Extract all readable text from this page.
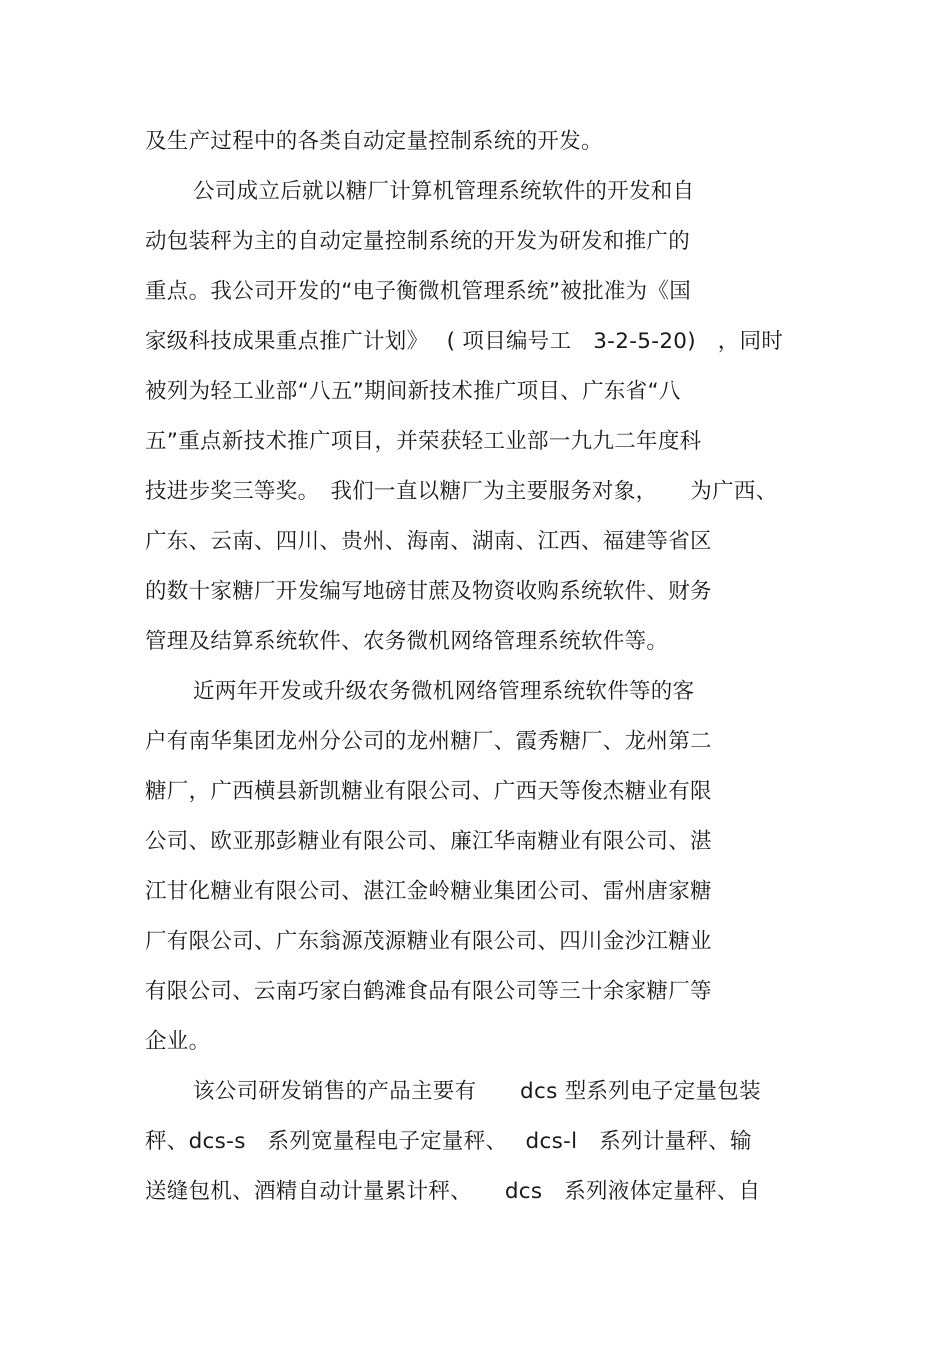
及生产过程中的各类自动定量控制系统的开发。
公司成立后就以糖厂计算机管理系统软件的开发和自
动包装秤为主的自动定量控制系统的开发为研发和推广的
重点。我公司开发的“电子衡微机管理系统”被批准为《国
家级科技成果重点推广计划》　 ( 项目编号工　3-2-5-20)　，同时
被列为轻工业部“八五”期间新技术推广项目、广东省“八
五”重点新技术推广项目，并荣获轻工业部一九九二年度科
技进步奖三等奖。　我们一直以糖厂为主要服务对象，　　为广西、
广东、云南、四川、贵州、海南、湖南、江西、福建等省区
的数十家糖厂开发编写地磅甘蔗及物资收购系统软件、财务
管理及结算系统软件、农务微机网络管理系统软件等。
近两年开发或升级农务微机网络管理系统软件等的客
户有南华集团龙州分公司的龙州糖厂、霞秀糖厂、龙州第二
糖厂，广西横县新凯糖业有限公司、广西天等俊杰糖业有限
公司、欧亚那彭糖业有限公司、廉江华南糖业有限公司、湛
江甘化糖业有限公司、湛江金岭糖业集团公司、雷州唐家糖
厂有限公司、广东翁源茂源糖业有限公司、四川金沙江糖业
有限公司、云南巧家白鹤滩食品有限公司等三十余家糖厂等
企业。
该公司研发销售的产品主要有　　dcs 型系列电子定量包装
秤、dcs-s　系列宽量程电子定量秤、　 dcs-l　系列计量秤、输
送缝包机、酒精自动计量累计秤、　　dcs　系列液体定量秤、自
